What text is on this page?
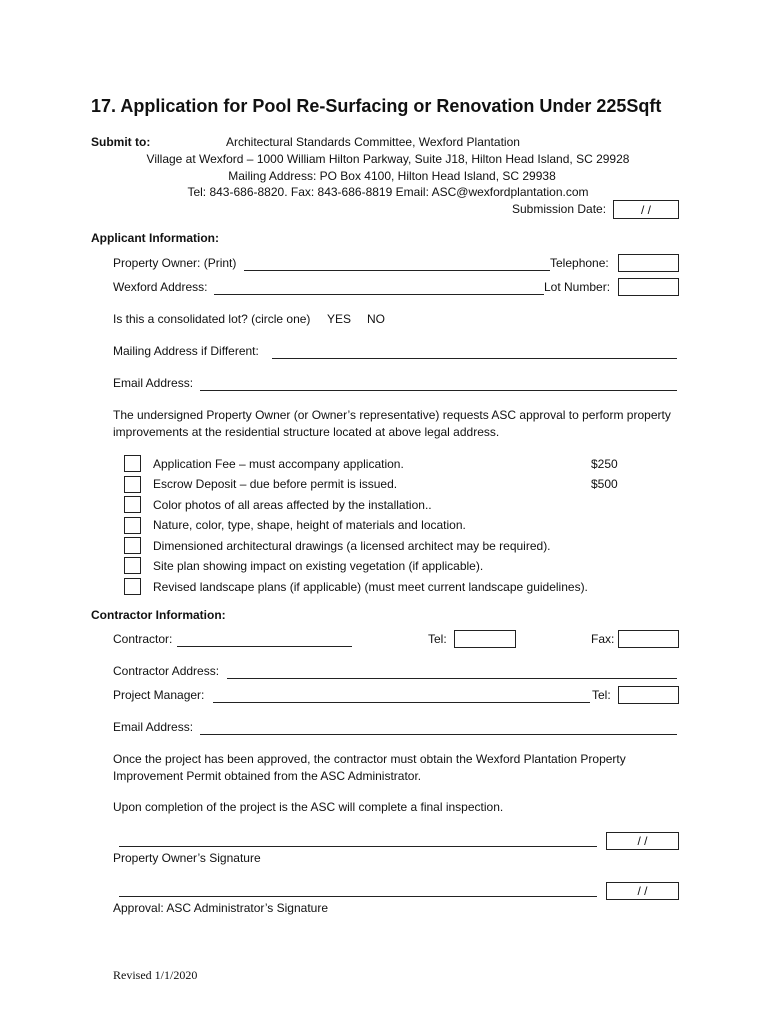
17. Application for Pool Re-Surfacing or Renovation Under 225Sqft
Submit to:	Architectural Standards Committee, Wexford Plantation
Village at Wexford – 1000 William Hilton Parkway, Suite J18, Hilton Head Island, SC 29928
Mailing Address: PO Box 4100, Hilton Head Island, SC 29938
Tel: 843-686-8820. Fax: 843-686-8819 Email: ASC@wexfordplantation.com
Submission Date:	/ /
Applicant Information:
Property Owner: (Print)	Telephone:
Wexford Address:	Lot Number:
Is this a consolidated lot? (circle one) YES NO
Mailing Address if Different:
Email Address:
The undersigned Property Owner (or Owner’s representative) requests ASC approval to perform property
improvements at the residential structure located at above legal address.
Application Fee – must accompany application.	$250
Escrow Deposit – due before permit is issued.	$500
Color photos of all areas affected by the installation..
Nature, color, type, shape, height of materials and location.
Dimensioned architectural drawings (a licensed architect may be required).
Site plan showing impact on existing vegetation (if applicable).
Revised landscape plans (if applicable) (must meet current landscape guidelines).
Contractor Information:
Contractor:	Tel:	Fax:
Contractor Address:
Project Manager:	Tel:
Email Address:
Once the project has been approved, the contractor must obtain the Wexford Plantation Property
Improvement Permit obtained from the ASC Administrator.
Upon completion of the project is the ASC will complete a final inspection.
/ /
Property Owner’s Signature
/ /
Approval: ASC Administrator’s Signature
Revised 1/1/2020
